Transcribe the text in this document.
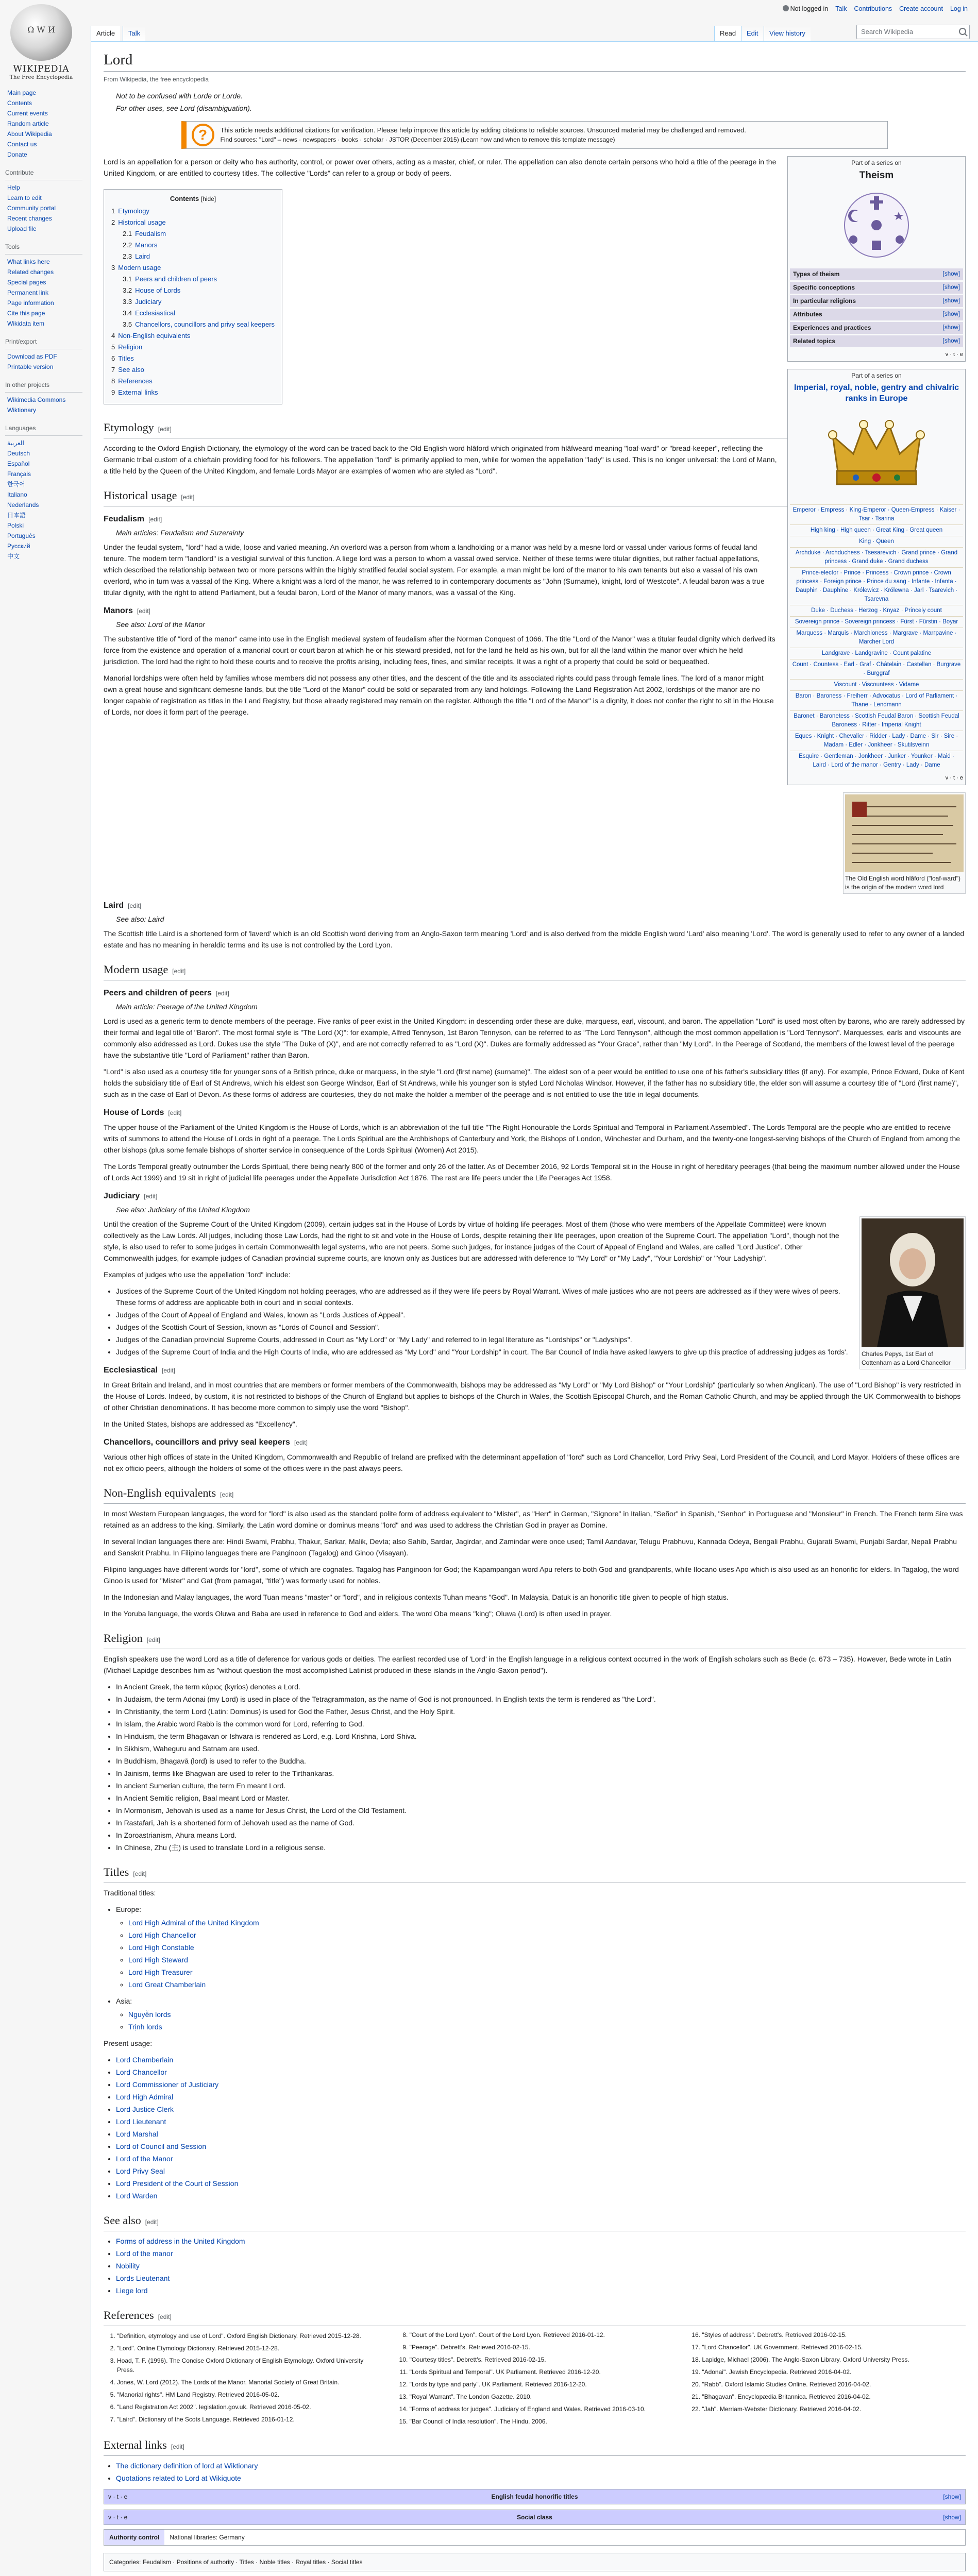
Not logged in Talk Contributions Create account Log in
Article	Talk	Read	Edit	View history	Search Wikipedia
Ω W И
WIKIPEDIA
The Free Encyclopedia
Main page
Contents
Current events
Random article
About Wikipedia
Contact us
Donate
Contribute
Help
Learn to edit
Community portal
Recent changes
Upload file
Tools
What links here
Related changes
Special pages
Permanent link
Page information
Cite this page
Wikidata item
Print/export
Download as PDF
Printable version
In other projects
Wikimedia Commons
Wiktionary
Languages
العربية
Deutsch
Español
Français
한국어
Italiano
Nederlands
日本語
Polski
Português
Русский
中文
Lord
From Wikipedia, the free encyclopedia
Not to be confused with Lorde or Lorde.
For other uses, see Lord (disambiguation).
?	This article needs additional citations for verification. Please help improve this article by adding citations to reliable sources. Unsourced material may be challenged and removed.
Find sources: "Lord" – news · newspapers · books · scholar · JSTOR (December 2015) (Learn how and when to remove this template message)
Part of a series on
Theism
Types of theism	[show]
Specific conceptions	[show]
In particular religions	[show]
Attributes	[show]
Experiences and practices	[show]
Related topics	[show]
v · t · e
Part of a series on
Imperial, royal, noble, gentry and chivalric ranks in Europe
Emperor · Empress · King-Emperor · Queen-Empress · Kaiser · Tsar · Tsarina
High king · High queen · Great King · Great queen
King · Queen
Archduke · Archduchess · Tsesarevich · Grand prince · Grand princess · Grand duke · Grand duchess
Prince-elector · Prince · Princess · Crown prince · Crown princess · Foreign prince · Prince du sang · Infante · Infanta · Dauphin · Dauphine · Królewicz · Królewna · Jarl · Tsarevich · Tsarevna
Duke · Duchess · Herzog · Knyaz · Princely count
Sovereign prince · Sovereign princess · Fürst · Fürstin · Boyar
Marquess · Marquis · Marchioness · Margrave · Marграvine · Marcher Lord
Landgrave · Landgravine · Count palatine
Count · Countess · Earl · Graf · Châtelain · Castellan · Burgrave · Burggraf
Viscount · Viscountess · Vidame
Baron · Baroness · Freiherr · Advocatus · Lord of Parliament · Thane · Lendmann
Baronet · Baronetess · Scottish Feudal Baron · Scottish Feudal Baroness · Ritter · Imperial Knight
Eques · Knight · Chevalier · Ridder · Lady · Dame · Sir · Sire · Madam · Edler · Jonkheer · Skutilsveinn
Esquire · Gentleman · Jonkheer · Junker · Younker · Maid · Laird · Lord of the manor · Gentry · Lady · Dame
v · t · e

Lord is an appellation for a person or deity who has authority, control, or power over others, acting as a master, chief, or ruler. The appellation can also denote certain persons who hold a title of the peerage in the United Kingdom, or are entitled to courtesy titles. The collective "Lords" can refer to a group or body of peers.

Contents [hide]
1 Etymology
2 Historical usage
2.1 Feudalism
2.2 Manors
2.3 Laird
3 Modern usage
3.1 Peers and children of peers
3.2 House of Lords
3.3 Judiciary
3.4 Ecclesiastical
3.5 Chancellors, councillors and privy seal keepers
4 Non-English equivalents
5 Religion
6 Titles
7 See also
8 References
9 External links
Etymology [edit]

According to the Oxford English Dictionary, the etymology of the word can be traced back to the Old English word hlāford which originated from hlāfweard meaning "loaf-ward" or "bread-keeper", reflecting the Germanic tribal custom of a chieftain providing food for his followers. The appellation "lord" is primarily applied to men, while for women the appellation "lady" is used. This is no longer universal: the Lord of Mann, a title held by the Queen of the United Kingdom, and female Lords Mayor are examples of women who are styled as "Lord".

Historical usage [edit]
Feudalism [edit]
Main articles: Feudalism and Suzerainty

Under the feudal system, "lord" had a wide, loose and varied meaning. An overlord was a person from whom a landholding or a manor was held by a mesne lord or vassal under various forms of feudal land tenure. The modern term "landlord" is a vestigial survival of this function. A liege lord was a person to whom a vassal owed service. Neither of these terms were titular dignities, but rather factual appellations, which described the relationship between two or more persons within the highly stratified feudal social system. For example, a man might be lord of the manor to his own tenants but also a vassal of his own overlord, who in turn was a vassal of the King. Where a knight was a lord of the manor, he was referred to in contemporary documents as "John (Surname), knight, lord of Westcote". A feudal baron was a true titular dignity, with the right to attend Parliament, but a feudal baron, Lord of the Manor of many manors, was a vassal of the King.

Manors [edit]
See also: Lord of the Manor
The Old English word hlāford ("loaf-ward") is the origin of the modern word lord

The substantive title of "lord of the manor" came into use in the English medieval system of feudalism after the Norman Conquest of 1066. The title "Lord of the Manor" was a titular feudal dignity which derived its force from the existence and operation of a manorial court or court baron at which he or his steward presided, not for the land he held as his own, but for all the land within the manor over which he held jurisdiction. The lord had the right to hold these courts and to receive the profits arising, including fees, fines, and similar receipts. It was a right of a property that could be sold or bequeathed.

Manorial lordships were often held by families whose members did not possess any other titles, and the descent of the title and its associated rights could pass through female lines. The lord of a manor might own a great house and significant demesne lands, but the title "Lord of the Manor" could be sold or separated from any land holdings. Following the Land Registration Act 2002, lordships of the manor are no longer capable of registration as titles in the Land Registry, but those already registered may remain on the register. Although the title "Lord of the Manor" is a dignity, it does not confer the right to sit in the House of Lords, nor does it form part of the peerage.

Laird [edit]
See also: Laird

The Scottish title Laird is a shortened form of 'laverd' which is an old Scottish word deriving from an Anglo-Saxon term meaning 'Lord' and is also derived from the middle English word 'Lard' also meaning 'Lord'. The word is generally used to refer to any owner of a landed estate and has no meaning in heraldic terms and its use is not controlled by the Lord Lyon.

Modern usage [edit]
Peers and children of peers [edit]
Main article: Peerage of the United Kingdom

Lord is used as a generic term to denote members of the peerage. Five ranks of peer exist in the United Kingdom: in descending order these are duke, marquess, earl, viscount, and baron. The appellation "Lord" is used most often by barons, who are rarely addressed by their formal and legal title of "Baron". The most formal style is "The Lord (X)": for example, Alfred Tennyson, 1st Baron Tennyson, can be referred to as "The Lord Tennyson", although the most common appellation is "Lord Tennyson". Marquesses, earls and viscounts are commonly also addressed as Lord. Dukes use the style "The Duke of (X)", and are not correctly referred to as "Lord (X)". Dukes are formally addressed as "Your Grace", rather than "My Lord". In the Peerage of Scotland, the members of the lowest level of the peerage have the substantive title "Lord of Parliament" rather than Baron.

"Lord" is also used as a courtesy title for younger sons of a British prince, duke or marquess, in the style "Lord (first name) (surname)". The eldest son of a peer would be entitled to use one of his father's subsidiary titles (if any). For example, Prince Edward, Duke of Kent holds the subsidiary title of Earl of St Andrews, which his eldest son George Windsor, Earl of St Andrews, while his younger son is styled Lord Nicholas Windsor. However, if the father has no subsidiary title, the elder son will assume a courtesy title of "Lord (first name)", such as in the case of Earl of Devon. As these forms of address are courtesies, they do not make the holder a member of the peerage and is not entitled to use the title in legal documents.

House of Lords [edit]

The upper house of the Parliament of the United Kingdom is the House of Lords, which is an abbreviation of the full title "The Right Honourable the Lords Spiritual and Temporal in Parliament Assembled". The Lords Temporal are the people who are entitled to receive writs of summons to attend the House of Lords in right of a peerage. The Lords Spiritual are the Archbishops of Canterbury and York, the Bishops of London, Winchester and Durham, and the twenty-one longest-serving bishops of the Church of England from among the other bishops (plus some female bishops of shorter service in consequence of the Lords Spiritual (Women) Act 2015).

The Lords Temporal greatly outnumber the Lords Spiritual, there being nearly 800 of the former and only 26 of the latter. As of December 2016, 92 Lords Temporal sit in the House in right of hereditary peerages (that being the maximum number allowed under the House of Lords Act 1999) and 19 sit in right of judicial life peerages under the Appellate Jurisdiction Act 1876. The rest are life peers under the Life Peerages Act 1958.

Judiciary [edit]
See also: Judiciary of the United Kingdom
Charles Pepys, 1st Earl of Cottenham as a Lord Chancellor

Until the creation of the Supreme Court of the United Kingdom (2009), certain judges sat in the House of Lords by virtue of holding life peerages. Most of them (those who were members of the Appellate Committee) were known collectively as the Law Lords. All judges, including those Law Lords, had the right to sit and vote in the House of Lords, despite retaining their life peerages, upon creation of the Supreme Court. The appellation "Lord", though not the style, is also used to refer to some judges in certain Commonwealth legal systems, who are not peers. Some such judges, for instance judges of the Court of Appeal of England and Wales, are called "Lord Justice". Other Commonwealth judges, for example judges of Canadian provincial supreme courts, are known only as Justices but are addressed with deference to "My Lord" or "My Lady", "Your Lordship" or "Your Ladyship".

Examples of judges who use the appellation "lord" include:

• Justices of the Supreme Court of the United Kingdom not holding peerages, who are addressed as if they were life peers by Royal Warrant. Wives of male justices who are not peers are addressed as if they were wives of peers. These forms of address are applicable both in court and in social contexts.
• Judges of the Court of Appeal of England and Wales, known as "Lords Justices of Appeal".
• Judges of the Scottish Court of Session, known as "Lords of Council and Session".
• Judges of the Canadian provincial Supreme Courts, addressed in Court as "My Lord" or "My Lady" and referred to in legal literature as "Lordships" or "Ladyships".
• Judges of the Supreme Court of India and the High Courts of India, who are addressed as "My Lord" and "Your Lordship" in court. The Bar Council of India have asked lawyers to give up this practice of addressing judges as 'lords'.
Ecclesiastical [edit]

In Great Britain and Ireland, and in most countries that are members or former members of the Commonwealth, bishops may be addressed as "My Lord" or "My Lord Bishop" or "Your Lordship" (particularly so when Anglican). The use of "Lord Bishop" is very restricted in the House of Lords. Indeed, by custom, it is not restricted to bishops of the Church of England but applies to bishops of the Church in Wales, the Scottish Episcopal Church, and the Roman Catholic Church, and may be applied through the UK Commonwealth to bishops of other Christian denominations. It has become more common to simply use the word "Bishop".

In the United States, bishops are addressed as "Excellency".

Chancellors, councillors and privy seal keepers [edit]

Various other high offices of state in the United Kingdom, Commonwealth and Republic of Ireland are prefixed with the determinant appellation of "lord" such as Lord Chancellor, Lord Privy Seal, Lord President of the Council, and Lord Mayor. Holders of these offices are not ex officio peers, although the holders of some of the offices were in the past always peers.

Non-English equivalents [edit]

In most Western European languages, the word for "lord" is also used as the standard polite form of address equivalent to "Mister", as "Herr" in German, "Signore" in Italian, "Señor" in Spanish, "Senhor" in Portuguese and "Monsieur" in French. The French term Sire was retained as an address to the king. Similarly, the Latin word domine or dominus means "lord" and was used to address the Christian God in prayer as Domine.

In several Indian languages there are: Hindi Swami, Prabhu, Thakur, Sarkar, Malik, Devta; also Sahib, Sardar, Jagirdar, and Zamindar were once used; Tamil Aandavar, Telugu Prabhuvu, Kannada Odeya, Bengali Prabhu, Gujarati Swami, Punjabi Sardar, Nepali Prabhu and Sanskrit Prabhu. In Filipino languages there are Panginoon (Tagalog) and Ginoo (Visayan).

Filipino languages have different words for "lord", some of which are cognates. Tagalog has Panginoon for God; the Kapampangan word Apu refers to both God and grandparents, while Ilocano uses Apo which is also used as an honorific for elders. In Tagalog, the word Ginoo is used for "Mister" and Gat (from pamagat, "title") was formerly used for nobles.

In the Indonesian and Malay languages, the word Tuan means "master" or "lord", and in religious contexts Tuhan means "God". In Malaysia, Datuk is an honorific title given to people of high status.

In the Yoruba language, the words Oluwa and Baba are used in reference to God and elders. The word Oba means "king"; Oluwa (Lord) is often used in prayer.

Religion [edit]

English speakers use the word Lord as a title of deference for various gods or deities. The earliest recorded use of 'Lord' in the English language in a religious context occurred in the work of English scholars such as Bede (c. 673 – 735). However, Bede wrote in Latin (Michael Lapidge describes him as "without question the most accomplished Latinist produced in these islands in the Anglo-Saxon period").

• In Ancient Greek, the term κύριος (kyrios) denotes a Lord.
• In Judaism, the term Adonai (my Lord) is used in place of the Tetragrammaton, as the name of God is not pronounced. In English texts the term is rendered as "the Lord".
• In Christianity, the term Lord (Latin: Dominus) is used for God the Father, Jesus Christ, and the Holy Spirit.
• In Islam, the Arabic word Rabb is the common word for Lord, referring to God.
• In Hinduism, the term Bhagavan or Ishvara is rendered as Lord, e.g. Lord Krishna, Lord Shiva.
• In Sikhism, Waheguru and Satnam are used.
• In Buddhism, Bhagavā (lord) is used to refer to the Buddha.
• In Jainism, terms like Bhagwan are used to refer to the Tirthankaras.
• In ancient Sumerian culture, the term En meant Lord.
• In Ancient Semitic religion, Baal meant Lord or Master.
• In Mormonism, Jehovah is used as a name for Jesus Christ, the Lord of the Old Testament.
• In Rastafari, Jah is a shortened form of Jehovah used as the name of God.
• In Zoroastrianism, Ahura means Lord.
• In Chinese, Zhu (主) is used to translate Lord in a religious sense.
Titles [edit]

Traditional titles:

• Europe:
◦ Lord High Admiral of the United Kingdom
◦ Lord High Chancellor
◦ Lord High Constable
◦ Lord High Steward
◦ Lord High Treasurer
◦ Lord Great Chamberlain
• Asia:
◦ Nguyễn lords
◦ Trịnh lords

Present usage:

• Lord Chamberlain
• Lord Chancellor
• Lord Commissioner of Justiciary
• Lord High Admiral
• Lord Justice Clerk
• Lord Lieutenant
• Lord Marshal
• Lord of Council and Session
• Lord of the Manor
• Lord Privy Seal
• Lord President of the Court of Session
• Lord Warden
See also [edit]
• Forms of address in the United Kingdom
• Lord of the manor
• Nobility
• Lords Lieutenant
• Liege lord
References [edit]
1. "Definition, etymology and use of Lord". Oxford English Dictionary. Retrieved 2015-12-28.
2. "Lord". Online Etymology Dictionary. Retrieved 2015-12-28.
3. Hoad, T. F. (1996). The Concise Oxford Dictionary of English Etymology. Oxford University Press.
4. Jones, W. Lord (2012). The Lords of the Manor. Manorial Society of Great Britain.
5. "Manorial rights". HM Land Registry. Retrieved 2016-05-02.
6. "Land Registration Act 2002". legislation.gov.uk. Retrieved 2016-05-02.
7. "Laird". Dictionary of the Scots Language. Retrieved 2016-01-12.
8. "Court of the Lord Lyon". Court of the Lord Lyon. Retrieved 2016-01-12.
9. "Peerage". Debrett's. Retrieved 2016-02-15.
10. "Courtesy titles". Debrett's. Retrieved 2016-02-15.
11. "Lords Spiritual and Temporal". UK Parliament. Retrieved 2016-12-20.
12. "Lords by type and party". UK Parliament. Retrieved 2016-12-20.
13. "Royal Warrant". The London Gazette. 2010.
14. "Forms of address for judges". Judiciary of England and Wales. Retrieved 2016-03-10.
15. "Bar Council of India resolution". The Hindu. 2006.
16. "Styles of address". Debrett's. Retrieved 2016-02-15.
17. "Lord Chancellor". UK Government. Retrieved 2016-02-15.
18. Lapidge, Michael (2006). The Anglo-Saxon Library. Oxford University Press.
19. "Adonai". Jewish Encyclopedia. Retrieved 2016-04-02.
20. "Rabb". Oxford Islamic Studies Online. Retrieved 2016-04-02.
21. "Bhagavan". Encyclopædia Britannica. Retrieved 2016-04-02.
22. "Jah". Merriam-Webster Dictionary. Retrieved 2016-04-02.
External links [edit]
• The dictionary definition of lord at Wiktionary
• Quotations related to Lord at Wikiquote
v · t · e	English feudal honorific titles	[show]
v · t · e	Social class	[show]
Authority control	National libraries: Germany
Categories: Feudalism · Positions of authority · Titles · Noble titles · Royal titles · Social titles
